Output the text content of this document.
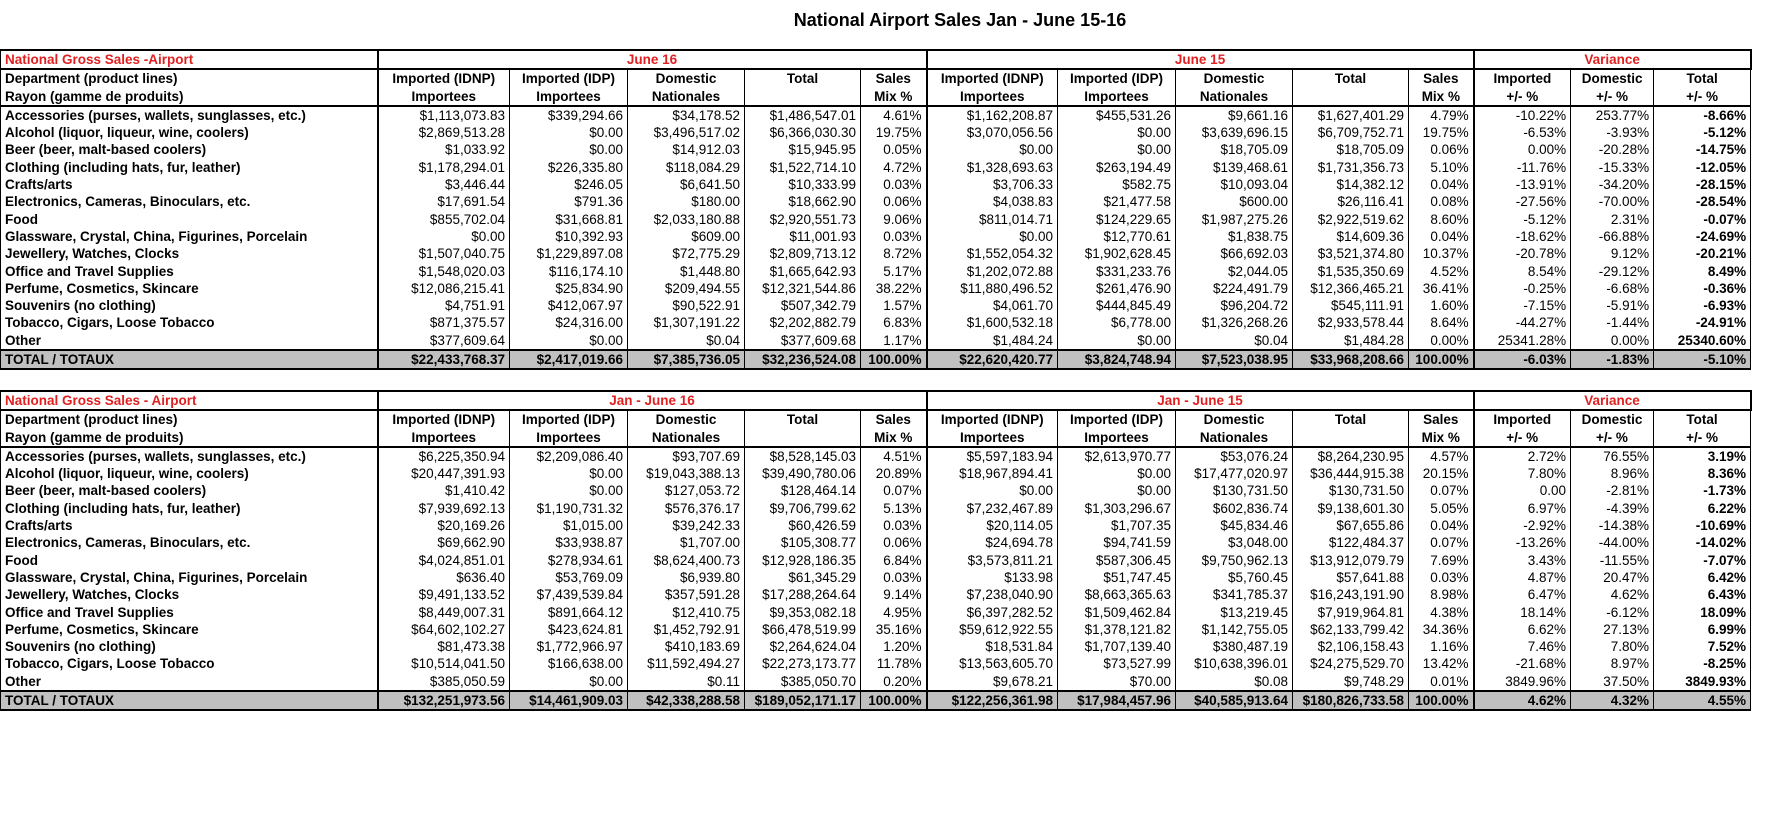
National Airport Sales Jan - June 15-16
National Gross Sales -Airport	June 16					June 15					Variance		
Department (product lines)	Imported (IDNP)	Imported (IDP)	Domestic	Total	Sales	Imported (IDNP)	Imported (IDP)	Domestic	Total	Sales	Imported	Domestic	Total
Rayon (gamme de produits)	Importees	Importees	Nationales		Mix %	Importees	Importees	Nationales		Mix %	+/- %	+/- %	+/- %
Accessories (purses, wallets, sunglasses, etc.)	$1,113,073.83	$339,294.66	$34,178.52	$1,486,547.01	4.61%	$1,162,208.87	$455,531.26	$9,661.16	$1,627,401.29	4.79%	-10.22%	253.77%	-8.66%
Alcohol (liquor, liqueur, wine, coolers)	$2,869,513.28	$0.00	$3,496,517.02	$6,366,030.30	19.75%	$3,070,056.56	$0.00	$3,639,696.15	$6,709,752.71	19.75%	-6.53%	-3.93%	-5.12%
Beer (beer, malt-based coolers)	$1,033.92	$0.00	$14,912.03	$15,945.95	0.05%	$0.00	$0.00	$18,705.09	$18,705.09	0.06%	0.00%	-20.28%	-14.75%
Clothing (including hats, fur, leather)	$1,178,294.01	$226,335.80	$118,084.29	$1,522,714.10	4.72%	$1,328,693.63	$263,194.49	$139,468.61	$1,731,356.73	5.10%	-11.76%	-15.33%	-12.05%
Crafts/arts	$3,446.44	$246.05	$6,641.50	$10,333.99	0.03%	$3,706.33	$582.75	$10,093.04	$14,382.12	0.04%	-13.91%	-34.20%	-28.15%
Electronics, Cameras, Binoculars, etc.	$17,691.54	$791.36	$180.00	$18,662.90	0.06%	$4,038.83	$21,477.58	$600.00	$26,116.41	0.08%	-27.56%	-70.00%	-28.54%
Food	$855,702.04	$31,668.81	$2,033,180.88	$2,920,551.73	9.06%	$811,014.71	$124,229.65	$1,987,275.26	$2,922,519.62	8.60%	-5.12%	2.31%	-0.07%
Glassware, Crystal, China, Figurines, Porcelain	$0.00	$10,392.93	$609.00	$11,001.93	0.03%	$0.00	$12,770.61	$1,838.75	$14,609.36	0.04%	-18.62%	-66.88%	-24.69%
Jewellery, Watches, Clocks	$1,507,040.75	$1,229,897.08	$72,775.29	$2,809,713.12	8.72%	$1,552,054.32	$1,902,628.45	$66,692.03	$3,521,374.80	10.37%	-20.78%	9.12%	-20.21%
Office and Travel Supplies	$1,548,020.03	$116,174.10	$1,448.80	$1,665,642.93	5.17%	$1,202,072.88	$331,233.76	$2,044.05	$1,535,350.69	4.52%	8.54%	-29.12%	8.49%
Perfume, Cosmetics, Skincare	$12,086,215.41	$25,834.90	$209,494.55	$12,321,544.86	38.22%	$11,880,496.52	$261,476.90	$224,491.79	$12,366,465.21	36.41%	-0.25%	-6.68%	-0.36%
Souvenirs (no clothing)	$4,751.91	$412,067.97	$90,522.91	$507,342.79	1.57%	$4,061.70	$444,845.49	$96,204.72	$545,111.91	1.60%	-7.15%	-5.91%	-6.93%
Tobacco, Cigars, Loose Tobacco	$871,375.57	$24,316.00	$1,307,191.22	$2,202,882.79	6.83%	$1,600,532.18	$6,778.00	$1,326,268.26	$2,933,578.44	8.64%	-44.27%	-1.44%	-24.91%
Other	$377,609.64	$0.00	$0.04	$377,609.68	1.17%	$1,484.24	$0.00	$0.04	$1,484.28	0.00%	25341.28%	0.00%	25340.60%
TOTAL / TOTAUX	$22,433,768.37	$2,417,019.66	$7,385,736.05	$32,236,524.08	100.00%	$22,620,420.77	$3,824,748.94	$7,523,038.95	$33,968,208.66	100.00%	-6.03%	-1.83%	-5.10%
National Gross Sales - Airport	Jan - June 16					Jan - June 15					Variance		
Department (product lines)	Imported (IDNP)	Imported (IDP)	Domestic	Total	Sales	Imported (IDNP)	Imported (IDP)	Domestic	Total	Sales	Imported	Domestic	Total
Rayon (gamme de produits)	Importees	Importees	Nationales		Mix %	Importees	Importees	Nationales		Mix %	+/- %	+/- %	+/- %
Accessories (purses, wallets, sunglasses, etc.)	$6,225,350.94	$2,209,086.40	$93,707.69	$8,528,145.03	4.51%	$5,597,183.94	$2,613,970.77	$53,076.24	$8,264,230.95	4.57%	2.72%	76.55%	3.19%
Alcohol (liquor, liqueur, wine, coolers)	$20,447,391.93	$0.00	$19,043,388.13	$39,490,780.06	20.89%	$18,967,894.41	$0.00	$17,477,020.97	$36,444,915.38	20.15%	7.80%	8.96%	8.36%
Beer (beer, malt-based coolers)	$1,410.42	$0.00	$127,053.72	$128,464.14	0.07%	$0.00	$0.00	$130,731.50	$130,731.50	0.07%	0.00	-2.81%	-1.73%
Clothing (including hats, fur, leather)	$7,939,692.13	$1,190,731.32	$576,376.17	$9,706,799.62	5.13%	$7,232,467.89	$1,303,296.67	$602,836.74	$9,138,601.30	5.05%	6.97%	-4.39%	6.22%
Crafts/arts	$20,169.26	$1,015.00	$39,242.33	$60,426.59	0.03%	$20,114.05	$1,707.35	$45,834.46	$67,655.86	0.04%	-2.92%	-14.38%	-10.69%
Electronics, Cameras, Binoculars, etc.	$69,662.90	$33,938.87	$1,707.00	$105,308.77	0.06%	$24,694.78	$94,741.59	$3,048.00	$122,484.37	0.07%	-13.26%	-44.00%	-14.02%
Food	$4,024,851.01	$278,934.61	$8,624,400.73	$12,928,186.35	6.84%	$3,573,811.21	$587,306.45	$9,750,962.13	$13,912,079.79	7.69%	3.43%	-11.55%	-7.07%
Glassware, Crystal, China, Figurines, Porcelain	$636.40	$53,769.09	$6,939.80	$61,345.29	0.03%	$133.98	$51,747.45	$5,760.45	$57,641.88	0.03%	4.87%	20.47%	6.42%
Jewellery, Watches, Clocks	$9,491,133.52	$7,439,539.84	$357,591.28	$17,288,264.64	9.14%	$7,238,040.90	$8,663,365.63	$341,785.37	$16,243,191.90	8.98%	6.47%	4.62%	6.43%
Office and Travel Supplies	$8,449,007.31	$891,664.12	$12,410.75	$9,353,082.18	4.95%	$6,397,282.52	$1,509,462.84	$13,219.45	$7,919,964.81	4.38%	18.14%	-6.12%	18.09%
Perfume, Cosmetics, Skincare	$64,602,102.27	$423,624.81	$1,452,792.91	$66,478,519.99	35.16%	$59,612,922.55	$1,378,121.82	$1,142,755.05	$62,133,799.42	34.36%	6.62%	27.13%	6.99%
Souvenirs (no clothing)	$81,473.38	$1,772,966.97	$410,183.69	$2,264,624.04	1.20%	$18,531.84	$1,707,139.40	$380,487.19	$2,106,158.43	1.16%	7.46%	7.80%	7.52%
Tobacco, Cigars, Loose Tobacco	$10,514,041.50	$166,638.00	$11,592,494.27	$22,273,173.77	11.78%	$13,563,605.70	$73,527.99	$10,638,396.01	$24,275,529.70	13.42%	-21.68%	8.97%	-8.25%
Other	$385,050.59	$0.00	$0.11	$385,050.70	0.20%	$9,678.21	$70.00	$0.08	$9,748.29	0.01%	3849.96%	37.50%	3849.93%
TOTAL / TOTAUX	$132,251,973.56	$14,461,909.03	$42,338,288.58	$189,052,171.17	100.00%	$122,256,361.98	$17,984,457.96	$40,585,913.64	$180,826,733.58	100.00%	4.62%	4.32%	4.55%
